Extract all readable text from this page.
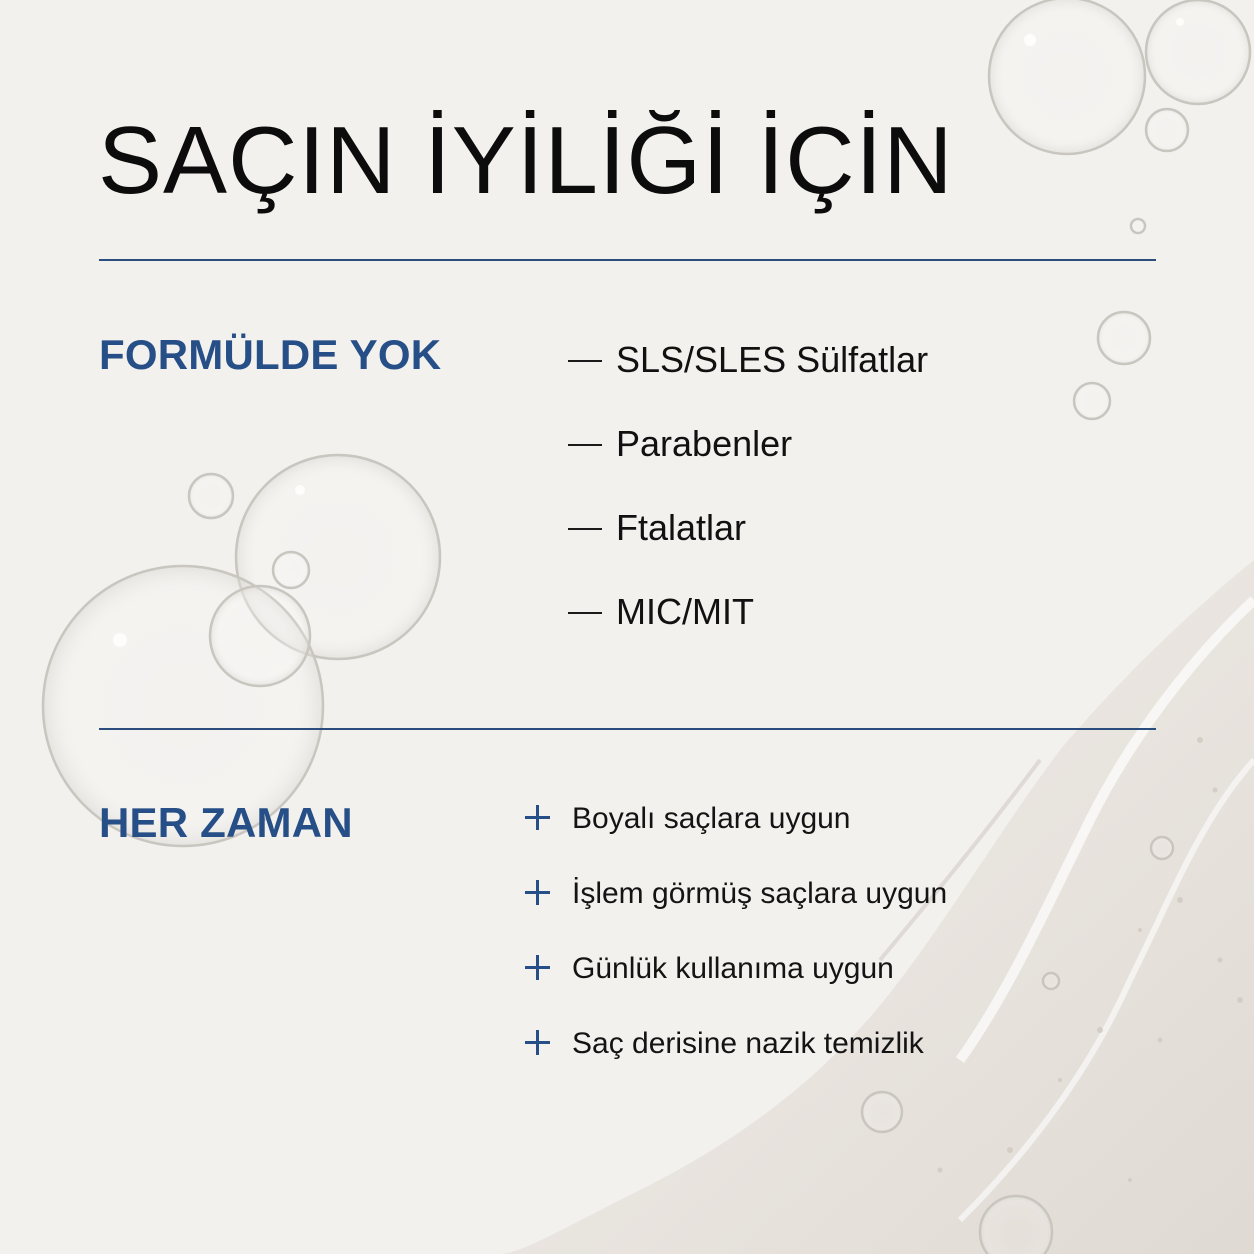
SAÇIN İYİLİĞİ İÇİN
FORMÜLDE YOK	SLS/SLES Sülfatlar
Parabenler
Ftalatlar
MIC/MIT
HER ZAMAN	Boyalı saçlara uygun
İşlem görmüş saçlara uygun
Günlük kullanıma uygun
Saç derisine nazik temizlik
